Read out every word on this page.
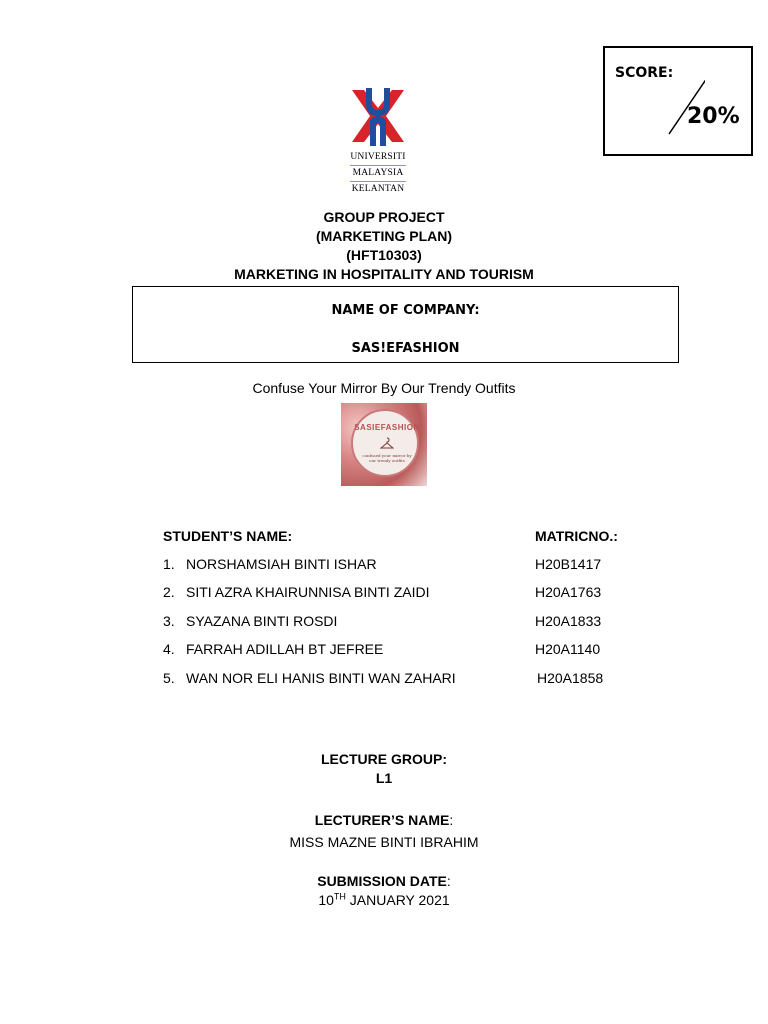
SCORE:
20%
UNIVERSITI
MALAYSIA
KELANTAN
GROUP PROJECT
(MARKETING PLAN)
(HFT10303)
MARKETING IN HOSPITALITY AND TOURISM
NAME OF COMPANY:
SAS!EFASHION
Confuse Your Mirror By Our Trendy Outfits
SASIEFASHION
confused your mirror by our trendy outfits
STUDENT’S NAME:	MATRICNO.:
1. NORSHAMSIAH BINTI ISHAR	H20B1417
2. SITI AZRA KHAIRUNNISA BINTI ZAIDI	H20A1763
3. SYAZANA BINTI ROSDI	H20A1833
4. FARRAH ADILLAH BT JEFREE	H20A1140
5. WAN NOR ELI HANIS BINTI WAN ZAHARI	H20A1858
LECTURE GROUP:
L1
LECTURER’S NAME:
MISS MAZNE BINTI IBRAHIM
SUBMISSION DATE:
10TH JANUARY 2021
